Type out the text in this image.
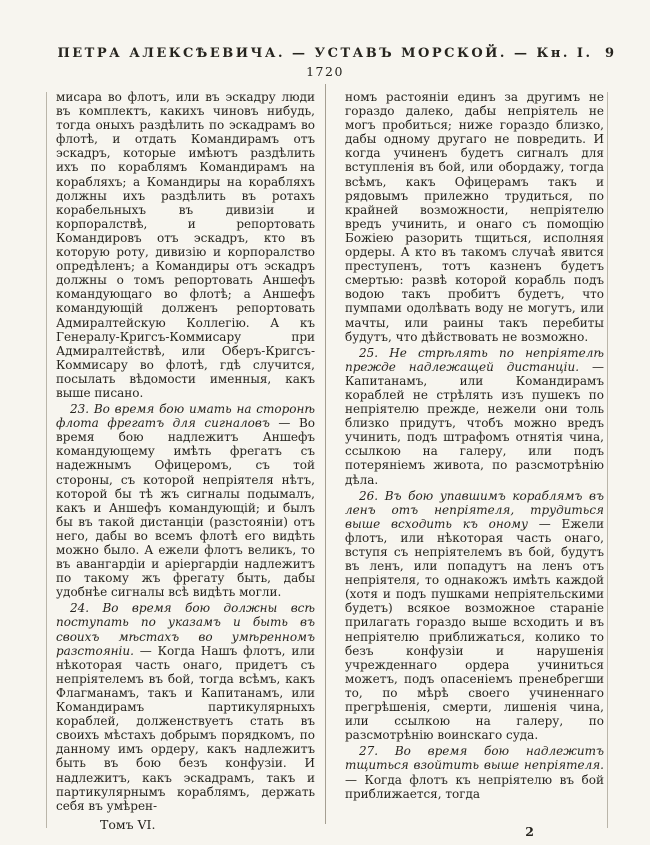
ПЕТРА АЛЕКСѢЕВИЧА. — УСТАВЪ МОРСКОЙ. — Кн. I. 9
1720

мисара во флотъ, или въ эскадру люди въ комплектъ, какихъ чиновъ нибудь, тогда оныхъ раздѣлить по эскадрамъ во флотѣ, и отдать Командирамъ отъ эскадръ, которые имѣютъ раздѣлить ихъ по кораблямъ Командирамъ на корабляхъ; а Командиры на корабляхъ должны ихъ раздѣлить въ ротахъ корабельныхъ въ дивизіи и корпоралствѣ, и репортовать Командировъ отъ эскадръ, кто въ которую роту, дивизію и корпоралство опредѣленъ; а Командиры отъ эскадръ должны о томъ репортовать Аншефъ командующаго во флотѣ; а Аншефъ командующій долженъ репортовать Адмиралтейскую Коллегію. А къ Генералу-Кригсъ-Коммисару при Адмиралтействѣ, или Оберъ-Кригсъ-Коммисару во флотѣ, гдѣ случится, посылать вѣдомости именныя, какъ выше писано.

23. Во время бою имать на сторонѣ флота фрегатъ для сигналовъ — Во время бою надлежитъ Аншефъ командующему имѣть фрегатъ съ надежнымъ Офицеромъ, съ той стороны, съ которой непріятеля нѣтъ, которой бы тѣ жъ сигналы подымалъ, какъ и Аншефъ командующій; и былъ бы въ такой дистанціи (разстояніи) отъ него, дабы во всемъ флотѣ его видѣть можно было. А ежели флотъ великъ, то въ авангардіи и аріергардіи надлежитъ по такому жъ фрегату быть, дабы удобнѣе сигналы всѣ видѣть могли.

24. Во время бою должны всѣ поступать по указамъ и быть въ своихъ мѣстахъ во умѣренномъ разстояніи. — Когда Нашъ флотъ, или нѣкоторая часть онаго, придетъ съ непріятелемъ въ бой, тогда всѣмъ, какъ Флагманамъ, такъ и Капитанамъ, или Командирамъ партикулярныхъ кораблей, долженствуетъ стать въ своихъ мѣстахъ добрымъ порядкомъ, по данному имъ ордеру, какъ надлежитъ быть въ бою безъ конфузіи. И надлежитъ, какъ эскадрамъ, такъ и партикулярнымъ кораблямъ, держать себя въ умѣрен-

номъ растояніи единъ за другимъ не гораздо далеко, дабы непріятель не могъ пробиться; ниже гораздо близко, дабы одному другаго не повредить. И когда учиненъ будетъ сигналъ для вступленія въ бой, или обордажу, тогда всѣмъ, какъ Офицерамъ такъ и рядовымъ прилежно трудиться, по крайней возможности, непріятелю вредъ учинить, и онаго съ помощію Божіею разорить тщиться, исполняя ордеры. А кто въ такомъ случаѣ явится преступенъ, тотъ казненъ будетъ смертью: развѣ которой корабль подъ водою такъ пробитъ будетъ, что пумпами одолѣвать воду не могутъ, или мачты, или раины такъ перебиты будутъ, что дѣйствовать не возможно.

25. Не стрѣлять по непріятелѣ прежде надлежащей дистанціи. — Капитанамъ, или Командирамъ кораблей не стрѣлять изъ пушекъ по непріятелю прежде, нежели они толь близко придутъ, чтобъ можно вредъ учинить, подъ штрафомъ отнятія чина, ссылкою на галеру, или подъ потеряніемъ живота, по разсмотрѣнію дѣла.

26. Въ бою упавшимъ кораблямъ въ ленъ отъ непріятеля, трудиться выше всходить къ оному — Ежели флотъ, или нѣкоторая часть онаго, вступя съ непріятелемъ въ бой, будутъ въ ленъ, или попадутъ на ленъ отъ непріятеля, то однакожъ имѣть каждой (хотя и подъ пушками непріятельскими будетъ) всякое возможное стараніе прилагать гораздо выше всходить и въ непріятелю приближаться, колико то безъ конфузіи и нарушенія учрежденнаго ордера учиниться можетъ, подъ опасеніемъ пренебрегши то, по мѣрѣ своего учиненнаго прегрѣшенія, смерти, лишенія чина, или ссылкою на галеру, по разсмотрѣнію воинскаго суда.

27. Во время бою надлежитъ тщиться взойтить выше непріятеля. — Когда флотъ къ непріятелю въ бой приближается, тогда

Томъ VI.	2
